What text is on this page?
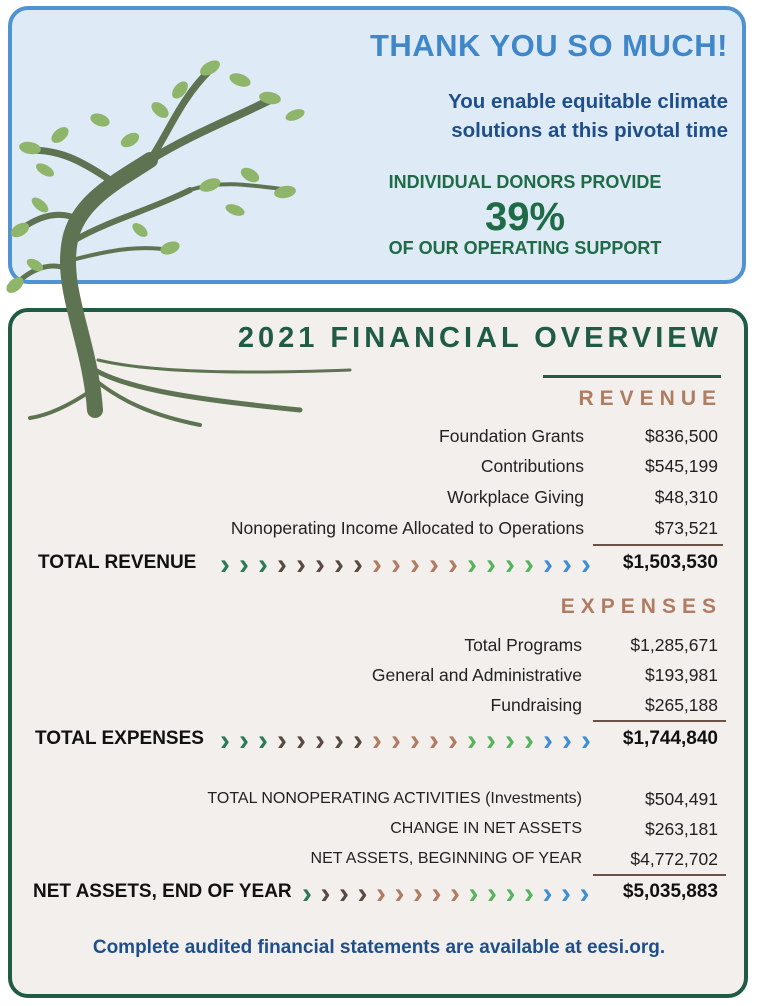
THANK YOU SO MUCH!
You enable equitable climate
solutions at this pivotal time
INDIVIDUAL DONORS PROVIDE
39%
OF OUR OPERATING SUPPORT
2021 FINANCIAL OVERVIEW
REVENUE
Foundation Grants	$836,500
Contributions	$545,199
Workplace Giving	$48,310
Nonoperating Income Allocated to Operations	$73,521
TOTAL REVENUE › › › › › › › › › › › › › › › › › › › ›	$1,503,530
EXPENSES
Total Programs	$1,285,671
General and Administrative	$193,981
Fundraising	$265,188
TOTAL EXPENSES › › › › › › › › › › › › › › › › › › › ›	$1,744,840
TOTAL NONOPERATING ACTIVITIES (Investments)	$504,491
CHANGE IN NET ASSETS	$263,181
NET ASSETS, BEGINNING OF YEAR	$4,772,702
NET ASSETS, END OF YEAR › › › › › › › › › › › › › › › ›	$5,035,883
Complete audited financial statements are available at eesi.org.
